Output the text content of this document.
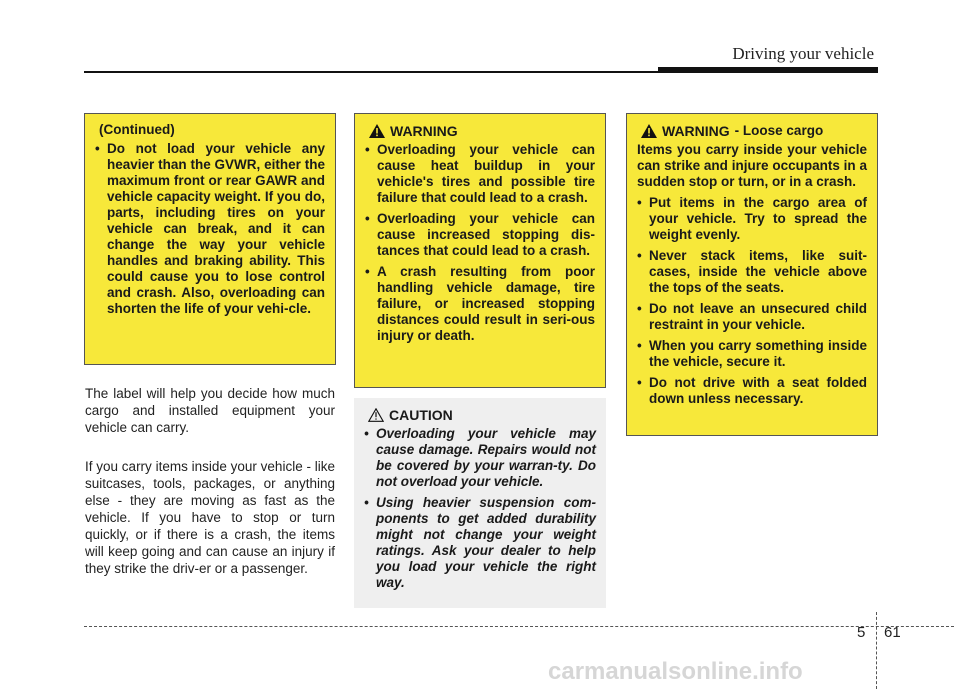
Driving your vehicle

(Continued)

• Do not load your vehicle any heavier than the GVWR, either the maximum front or rear GAWR and vehicle capacity weight. If you do, parts, including tires on your vehicle can break, and it can change the way your vehicle handles and braking ability. This could cause you to lose control and crash. Also, overloading can shorten the life of your vehi-cle.

The label will help you decide how much cargo and installed equipment your vehicle can carry.

If you carry items inside your vehicle - like suitcases, tools, packages, or anything else - they are moving as fast as the vehicle. If you have to stop or turn quickly, or if there is a crash, the items will keep going and can cause an injury if they strike the driv-er or a passenger.

WARNING
• Overloading your vehicle can cause heat buildup in your vehicle's tires and possible tire failure that could lead to a crash.
• Overloading your vehicle can cause increased stopping dis-tances that could lead to a crash.
• A crash resulting from poor handling vehicle damage, tire failure, or increased stopping distances could result in seri-ous injury or death.
CAUTION
• Overloading your vehicle may cause damage. Repairs would not be covered by your warran-ty. Do not overload your vehicle.
• Using heavier suspension com-ponents to get added durability might not change your weight ratings. Ask your dealer to help you load your vehicle the right way.
WARNING - Loose cargo

Items you carry inside your vehicle can strike and injure occupants in a sudden stop or turn, or in a crash.

• Put items in the cargo area of your vehicle. Try to spread the weight evenly.
• Never stack items, like suit-cases, inside the vehicle above the tops of the seats.
• Do not leave an unsecured child restraint in your vehicle.
• When you carry something inside the vehicle, secure it.
• Do not drive with a seat folded down unless necessary.
5 61
carmanualsonline.info
